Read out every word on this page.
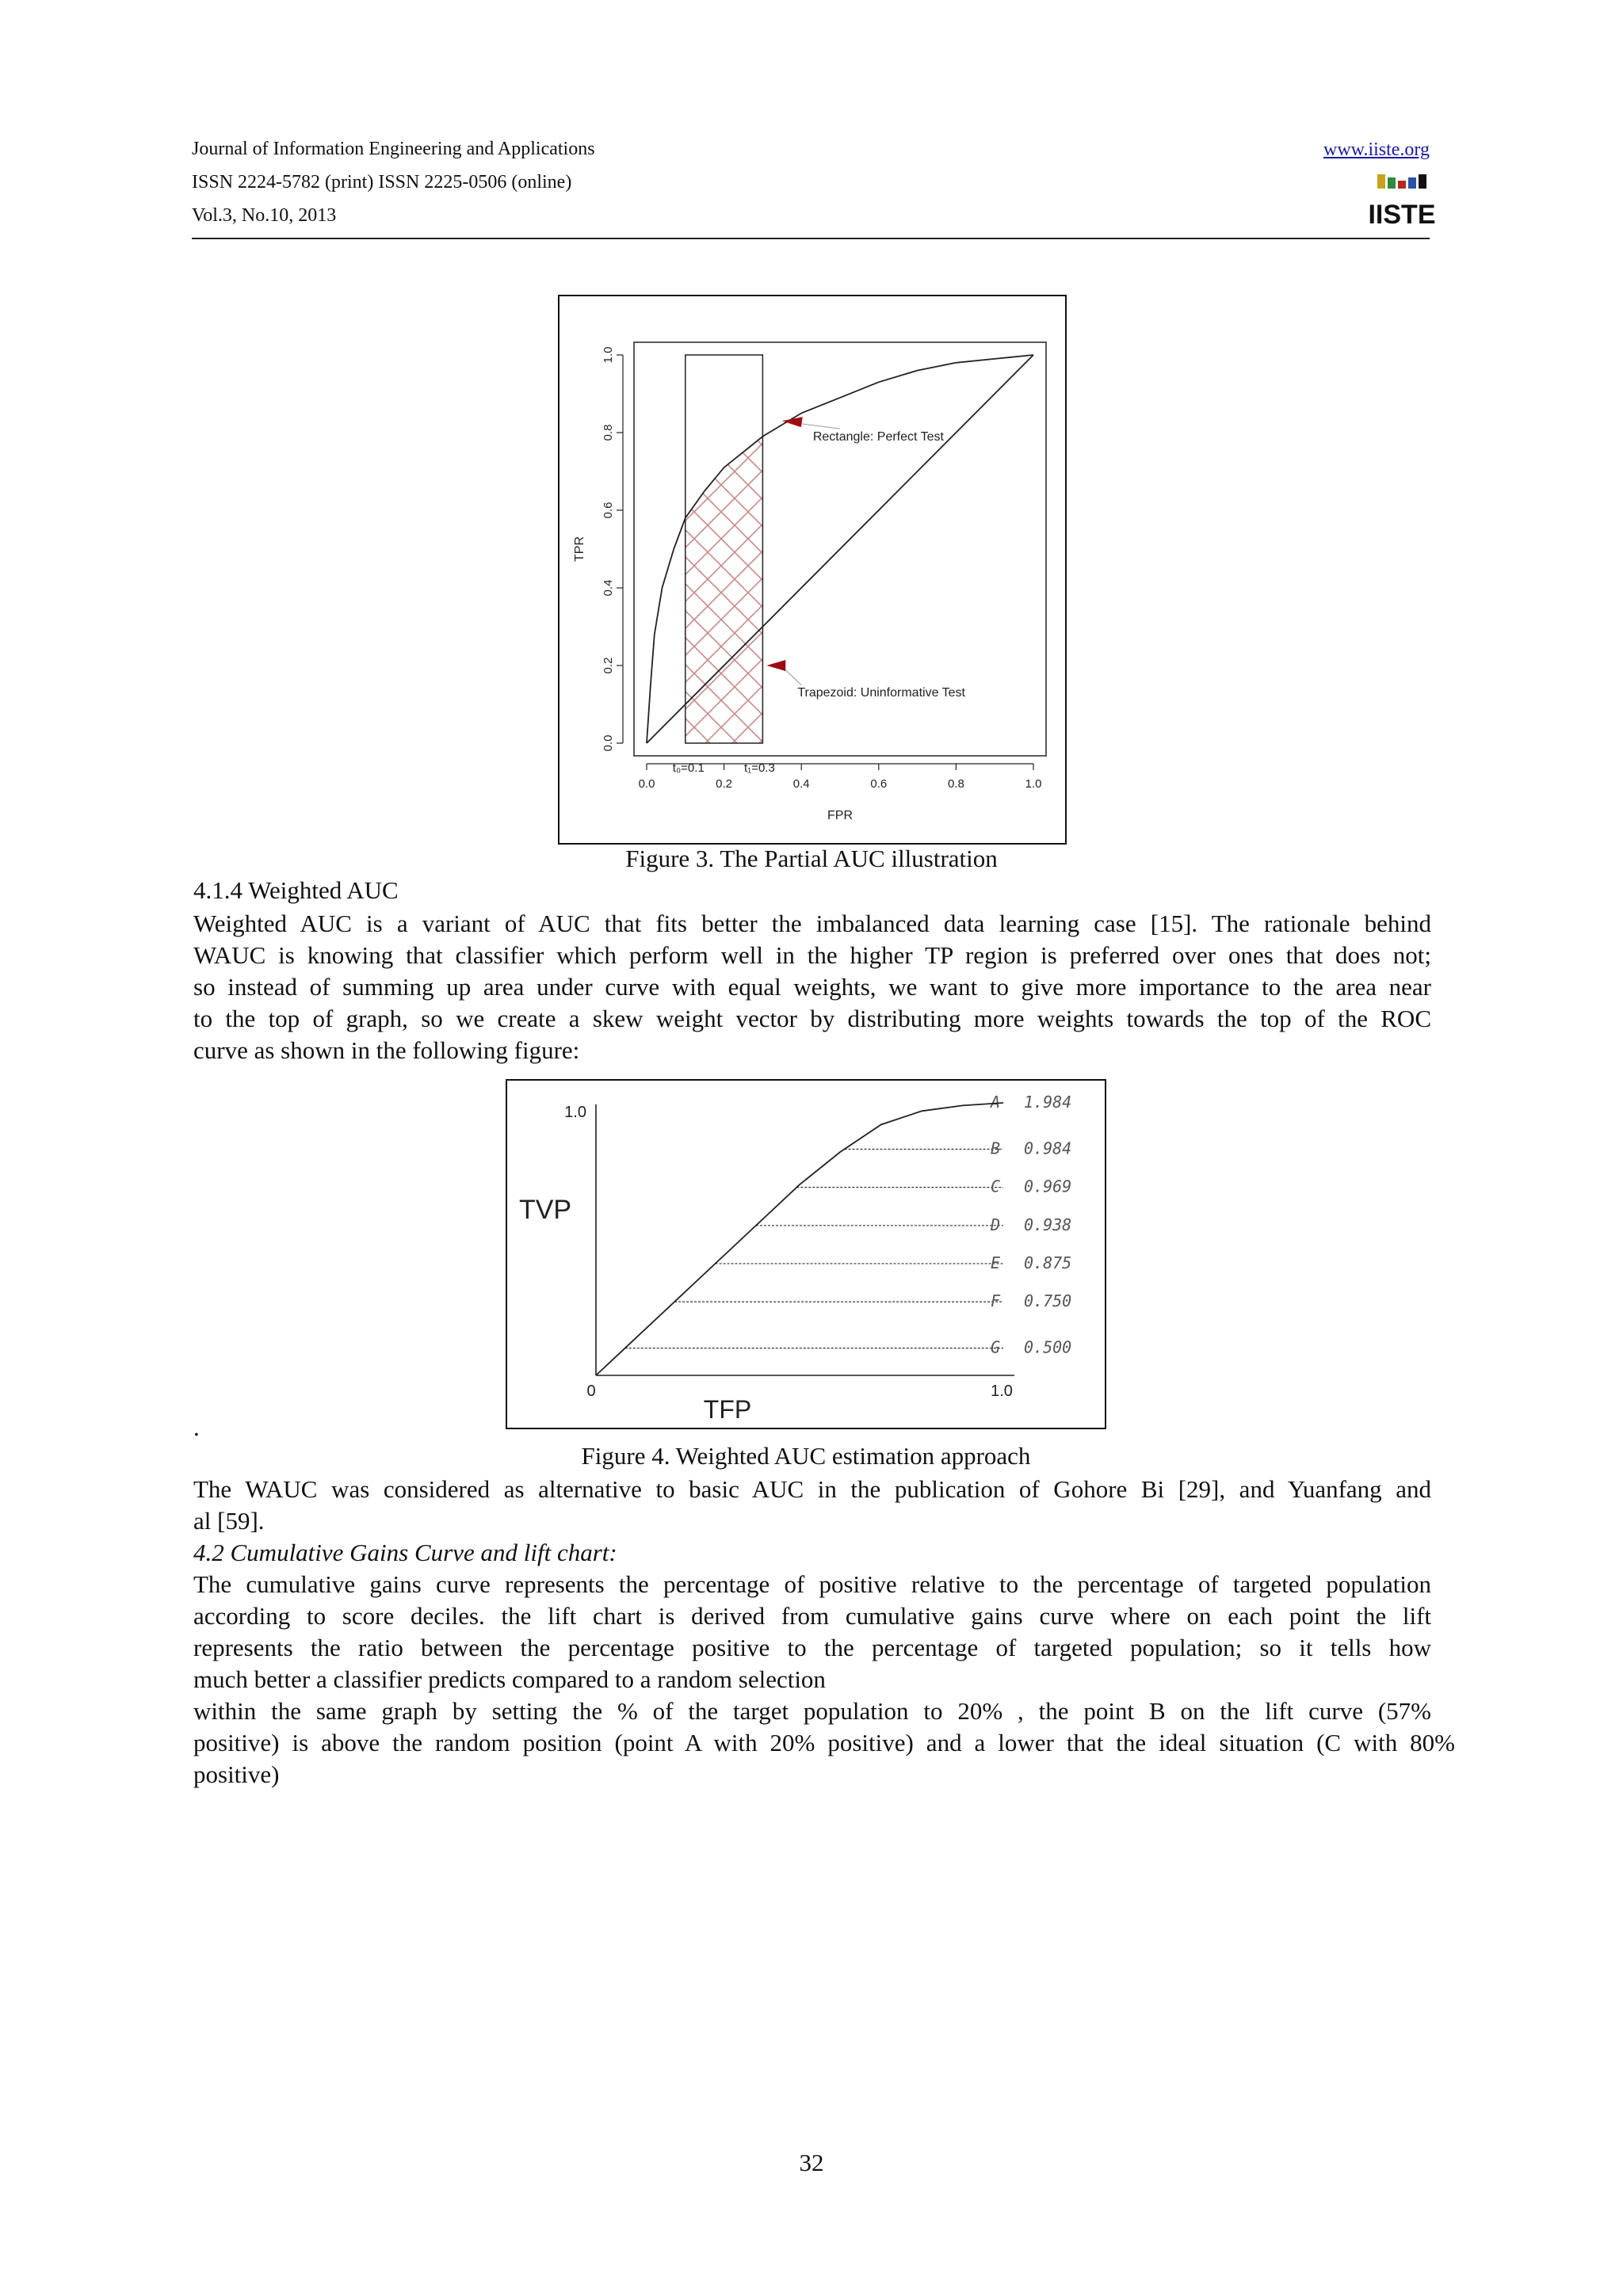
Journal of Information Engineering and Applications
ISSN 2224-5782 (print) ISSN 2225-0506 (online)
Vol.3, No.10, 2013
www.iiste.org
IISTE
0.0	0.2	0.4	0.6	0.8	1.0
0.0
0.2
0.4
0.6
0.8
1.0
FPR
TPR
t₀=0.1	t₁=0.3
Rectangle: Perfect Test
Trapezoid: Uninformative Test
Figure 3. The Partial AUC illustration
4.1.4 Weighted AUC
Weighted AUC is a variant of AUC that fits better the imbalanced data learning case [15]. The rationale behind
WAUC is knowing that classifier which perform well in the higher TP region is preferred over ones that does not;
so instead of summing up area under curve with equal weights, we want to give more importance to the area near
to the top of graph, so we create a skew weight vector by distributing more weights towards the top of the ROC
curve as shown in the following figure:
.
A 1.984
B 0.984
C 0.969
D 0.938
E 0.875
F 0.750
G 0.500
1.0
0	1.0
TVP
TFP
Figure 4. Weighted AUC estimation approach
The WAUC was considered as alternative to basic AUC in the publication of Gohore Bi [29], and Yuanfang and
al [59].
4.2 Cumulative Gains Curve and lift chart:
The cumulative gains curve represents the percentage of positive relative to the percentage of targeted population
according to score deciles. the lift chart is derived from cumulative gains curve where on each point the lift
represents the ratio between the percentage positive to the percentage of targeted population; so it tells how
much better a classifier predicts compared to a random selection
within the same graph by setting the % of the target population to 20% , the point B on the lift curve (57%
positive) is above the random position (point A with 20% positive) and a lower that the ideal situation (C with 80%
positive)
32
